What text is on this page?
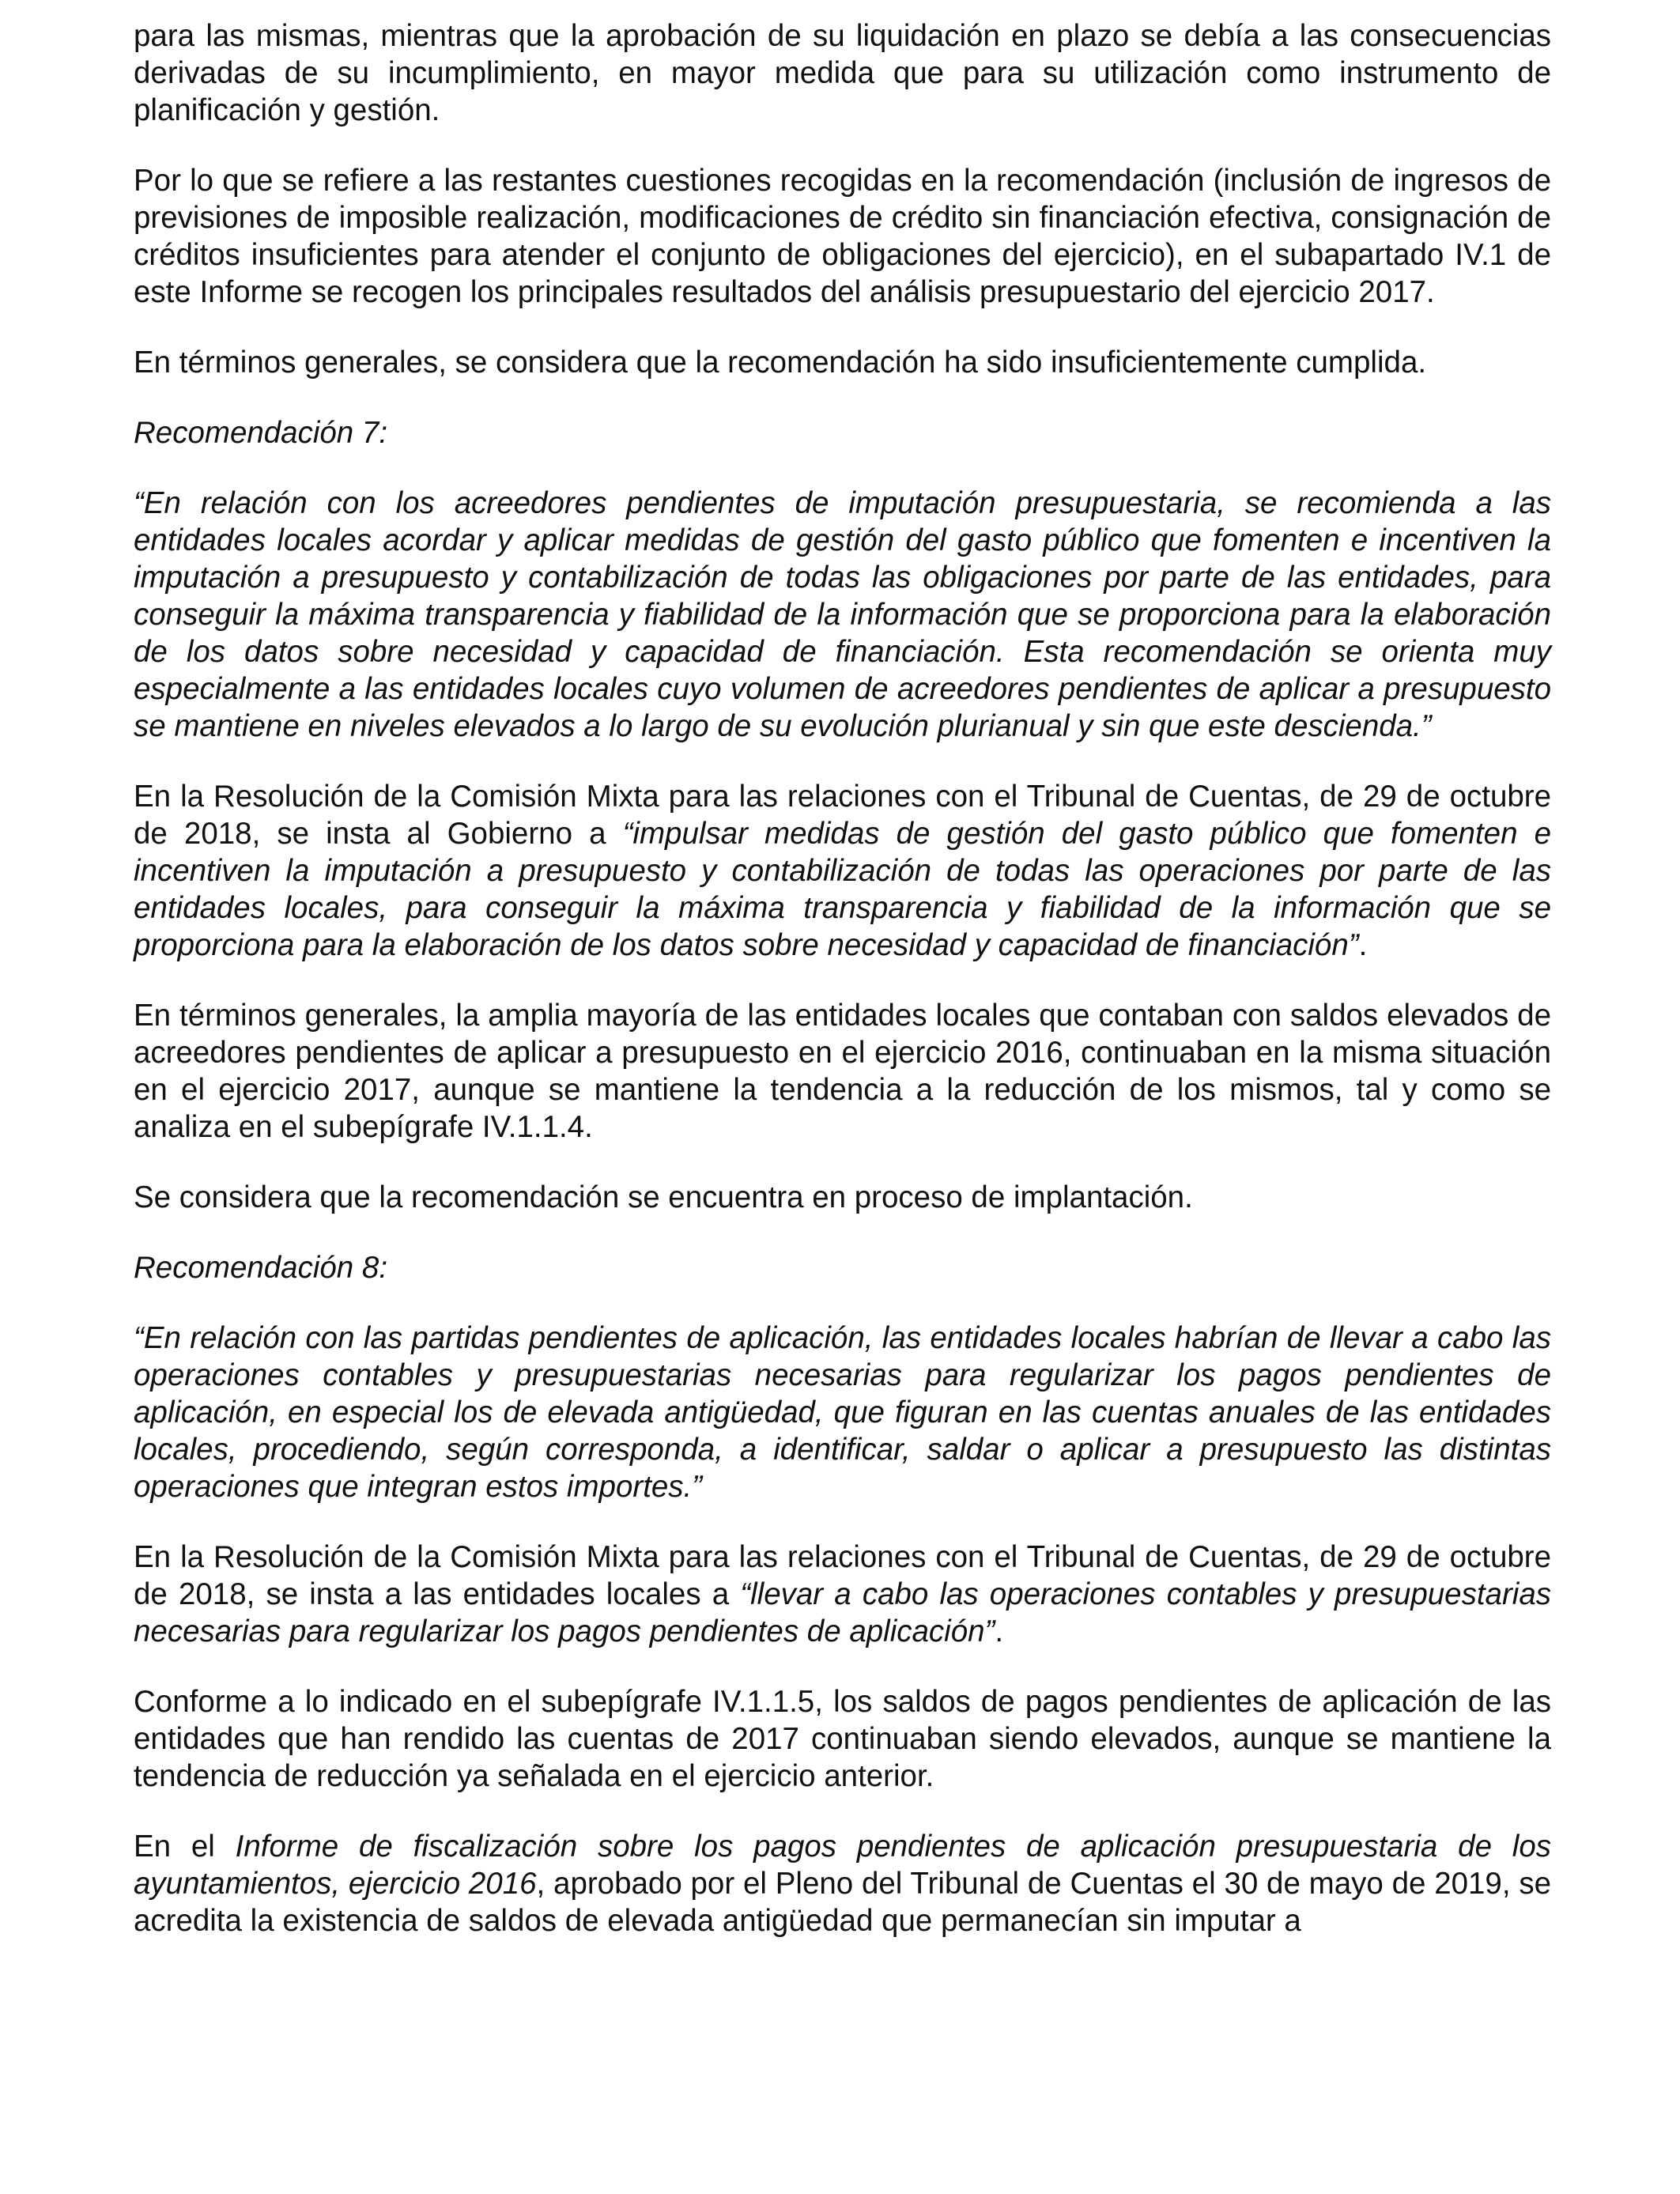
para las mismas, mientras que la aprobación de su liquidación en plazo se debía a las consecuencias derivadas de su incumplimiento, en mayor medida que para su utilización como instrumento de planificación y gestión.

Por lo que se refiere a las restantes cuestiones recogidas en la recomendación (inclusión de ingresos de previsiones de imposible realización, modificaciones de crédito sin financiación efectiva, consignación de créditos insuficientes para atender el conjunto de obligaciones del ejercicio), en el subapartado IV.1 de este Informe se recogen los principales resultados del análisis presupuestario del ejercicio 2017.

En términos generales, se considera que la recomendación ha sido insuficientemente cumplida.

Recomendación 7:

“En relación con los acreedores pendientes de imputación presupuestaria, se recomienda a las entidades locales acordar y aplicar medidas de gestión del gasto público que fomenten e incentiven la imputación a presupuesto y contabilización de todas las obligaciones por parte de las entidades, para conseguir la máxima transparencia y fiabilidad de la información que se proporciona para la elaboración de los datos sobre necesidad y capacidad de financiación. Esta recomendación se orienta muy especialmente a las entidades locales cuyo volumen de acreedores pendientes de aplicar a presupuesto se mantiene en niveles elevados a lo largo de su evolución plurianual y sin que este descienda.”

En la Resolución de la Comisión Mixta para las relaciones con el Tribunal de Cuentas, de 29 de octubre de 2018, se insta al Gobierno a “impulsar medidas de gestión del gasto público que fomenten e incentiven la imputación a presupuesto y contabilización de todas las operaciones por parte de las entidades locales, para conseguir la máxima transparencia y fiabilidad de la información que se proporciona para la elaboración de los datos sobre necesidad y capacidad de financiación”.

En términos generales, la amplia mayoría de las entidades locales que contaban con saldos elevados de acreedores pendientes de aplicar a presupuesto en el ejercicio 2016, continuaban en la misma situación en el ejercicio 2017, aunque se mantiene la tendencia a la reducción de los mismos, tal y como se analiza en el subepígrafe IV.1.1.4.

Se considera que la recomendación se encuentra en proceso de implantación.

Recomendación 8:

“En relación con las partidas pendientes de aplicación, las entidades locales habrían de llevar a cabo las operaciones contables y presupuestarias necesarias para regularizar los pagos pendientes de aplicación, en especial los de elevada antigüedad, que figuran en las cuentas anuales de las entidades locales, procediendo, según corresponda, a identificar, saldar o aplicar a presupuesto las distintas operaciones que integran estos importes.”

En la Resolución de la Comisión Mixta para las relaciones con el Tribunal de Cuentas, de 29 de octubre de 2018, se insta a las entidades locales a “llevar a cabo las operaciones contables y presupuestarias necesarias para regularizar los pagos pendientes de aplicación”.

Conforme a lo indicado en el subepígrafe IV.1.1.5, los saldos de pagos pendientes de aplicación de las entidades que han rendido las cuentas de 2017 continuaban siendo elevados, aunque se mantiene la tendencia de reducción ya señalada en el ejercicio anterior.

En el Informe de fiscalización sobre los pagos pendientes de aplicación presupuestaria de los ayuntamientos, ejercicio 2016, aprobado por el Pleno del Tribunal de Cuentas el 30 de mayo de 2019, se acredita la existencia de saldos de elevada antigüedad que permanecían sin imputar a
